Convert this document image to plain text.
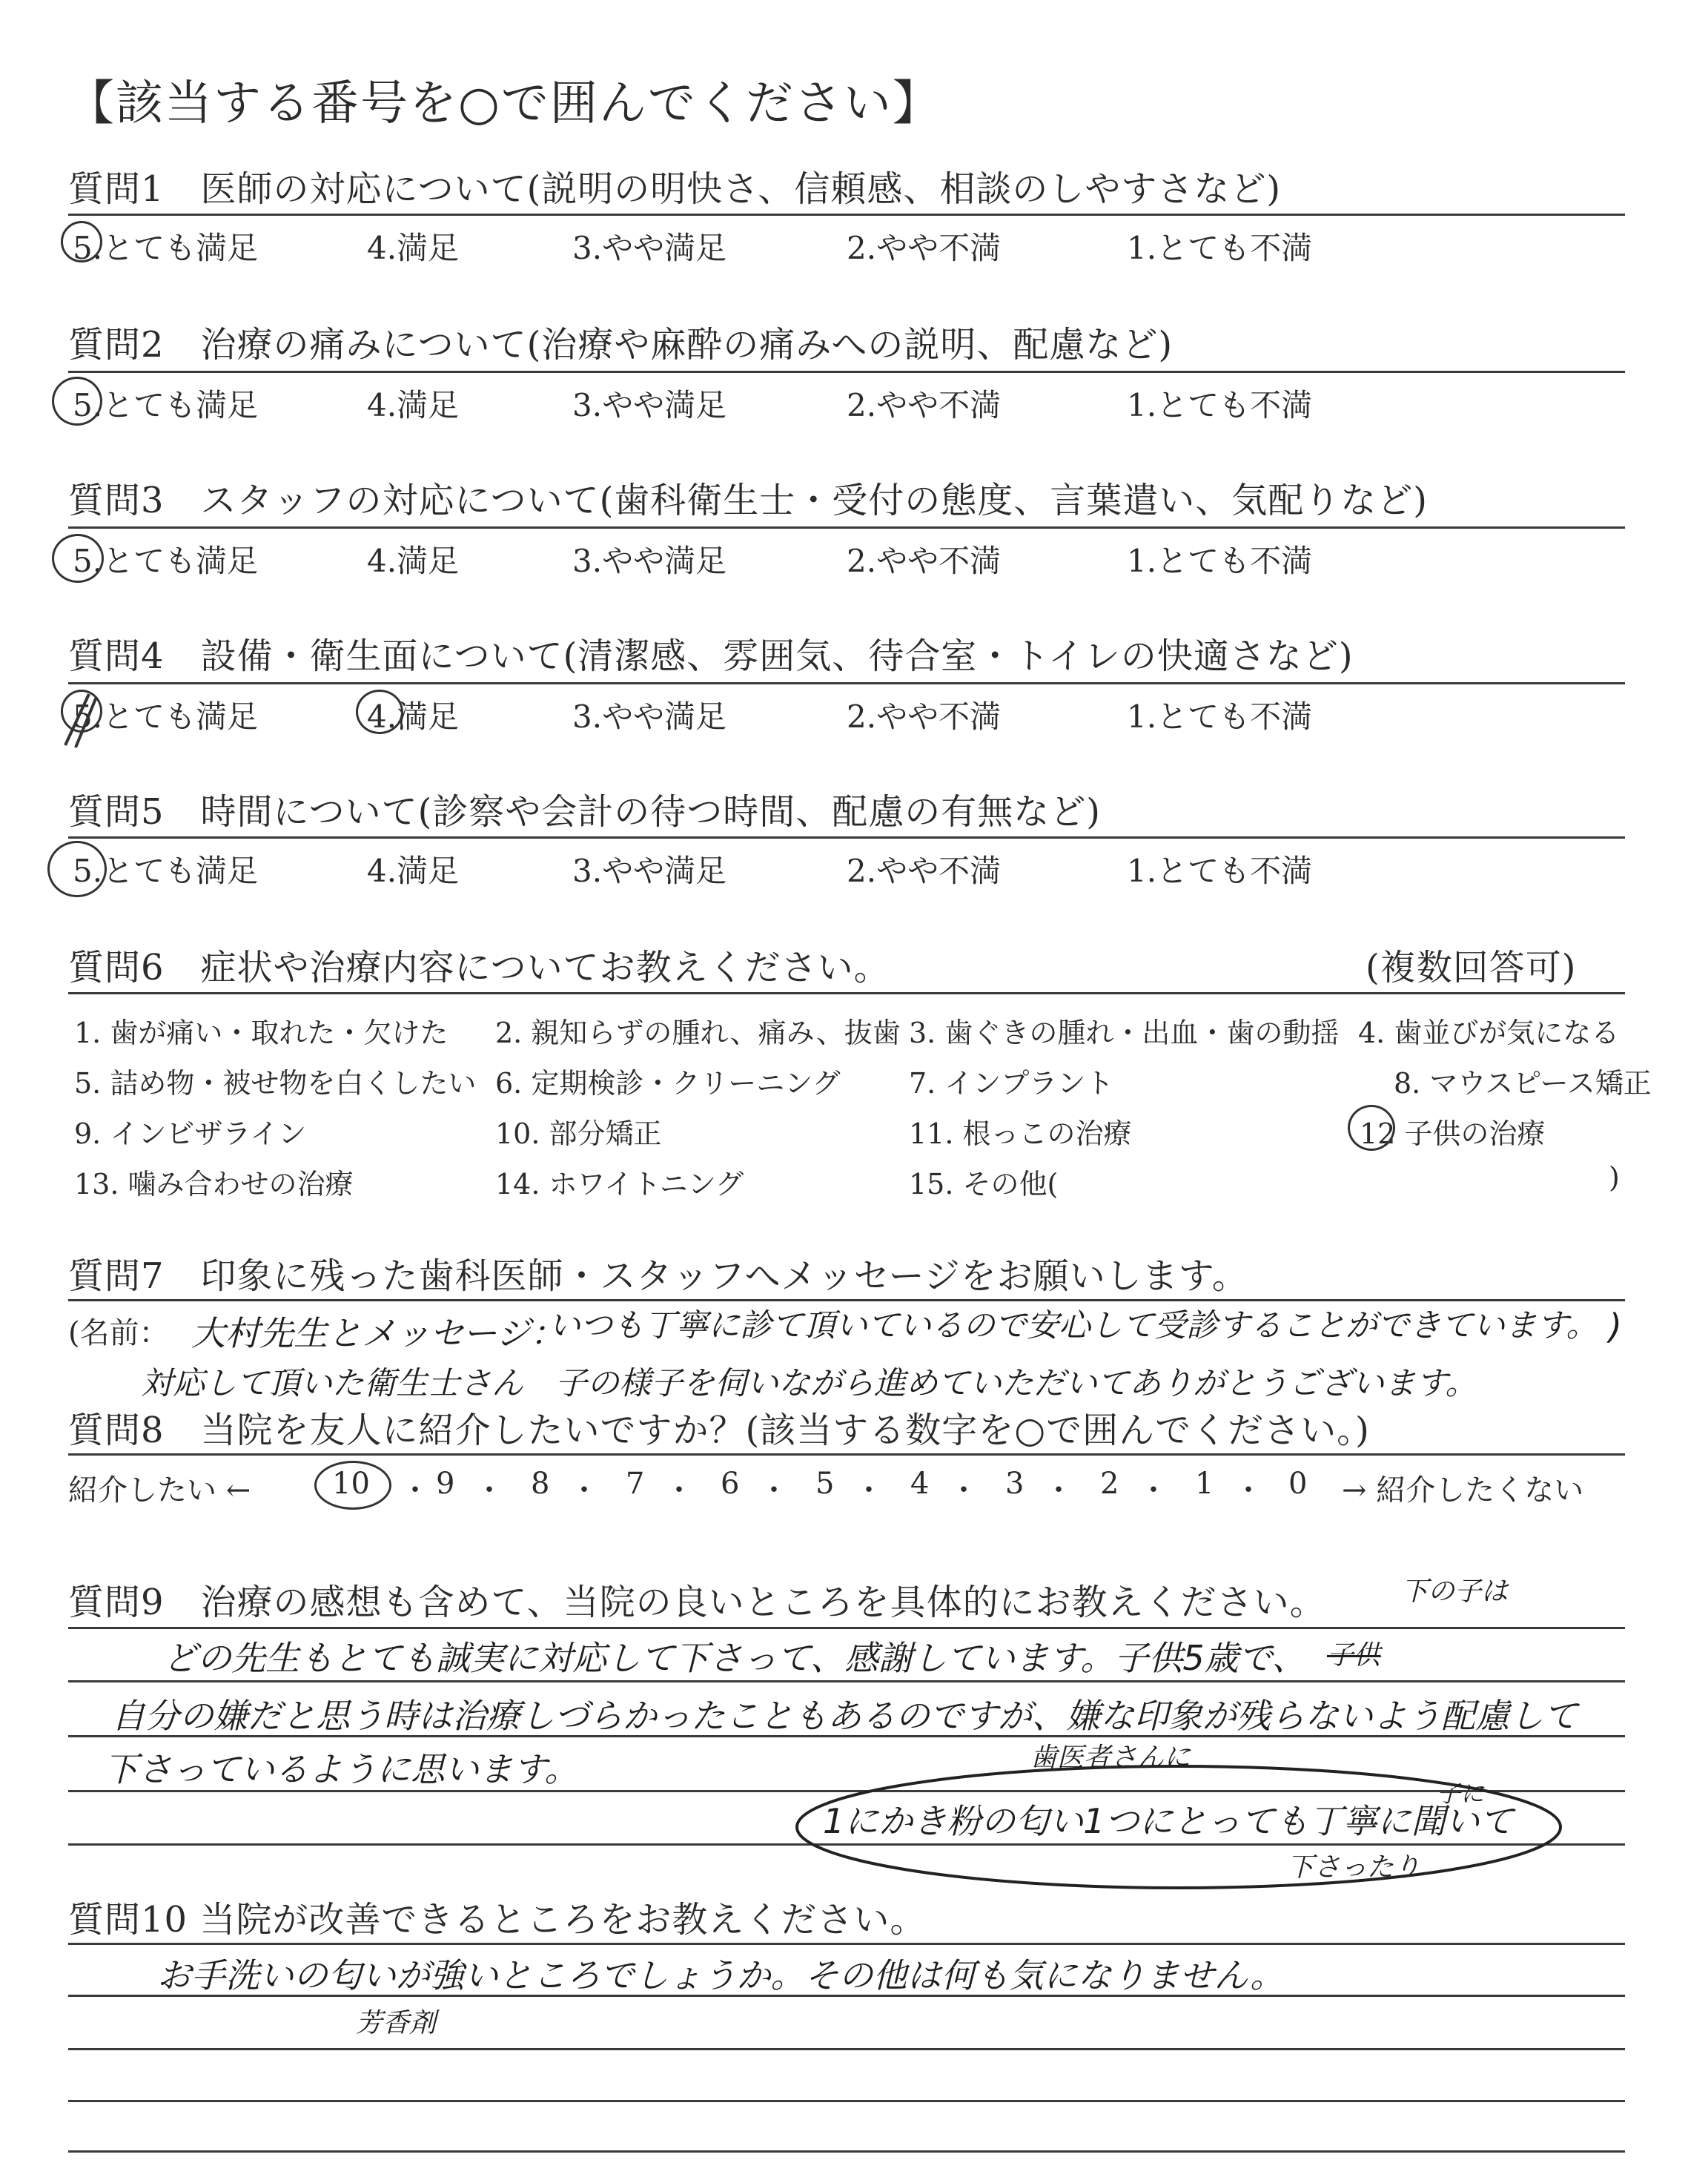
【該当する番号を○で囲んでください】
質問1　医師の対応について(説明の明快さ、信頼感、相談のしやすさなど)
5.とても満足	4.満足	3.やや満足	2.やや不満	1.とても不満
質問2　治療の痛みについて(治療や麻酔の痛みへの説明、配慮など)
5.とても満足	4.満足	3.やや満足	2.やや不満	1.とても不満
質問3　スタッフの対応について(歯科衛生士・受付の態度、言葉遣い、気配りなど)
5.とても満足	4.満足	3.やや満足	2.やや不満	1.とても不満
質問4　設備・衛生面について(清潔感、雰囲気、待合室・トイレの快適さなど)
5.とても満足	4.満足	3.やや満足	2.やや不満	1.とても不満
質問5　時間について(診察や会計の待つ時間、配慮の有無など)
5.とても満足	4.満足	3.やや満足	2.やや不満	1.とても不満
質問6　症状や治療内容についてお教えください。	(複数回答可)
1. 歯が痛い・取れた・欠けた 2. 親知らずの腫れ、痛み、抜歯 3. 歯ぐきの腫れ・出血・歯の動揺 4. 歯並びが気になる
5. 詰め物・被せ物を白くしたい 6. 定期検診・クリーニング 7. インプラント	8. マウスピース矯正
9. インビザライン	10. 部分矯正	11. 根っこの治療	12 子供の治療
13. 噛み合わせの治療	14. ホワイトニング	15. その他(	)
質問7　印象に残った歯科医師・スタッフへメッセージをお願いします。
(名前： 大村先生とメッセージ：
いつも丁寧に診て頂いているので安心して受診することができています。 )
対応して頂いた衛生士さん　子の様子を伺いながら進めていただいてありがとうございます。
質問8　当院を友人に紹介したいですか？(該当する数字を○で囲んでください。)
紹介したい ←	10 ・ 9 ・ 8 ・ 7 ・ 6 ・ 5 ・ 4 ・ 3 ・ 2 ・ 1 ・ 0 → 紹介したくない
質問9　治療の感想も含めて、当院の良いところを具体的にお教えください。	下の子は
どの先生もとても誠実に対応して下さって、感謝しています。子供5歳で、 子供
自分の嫌だと思う時は治療しづらかったこともあるのですが、嫌な印象が残らないよう配慮して
下さっているように思います。	歯医者さんに
子に
1にかき粉の匂い1つにとっても丁寧に聞いて
下さったり
質問10 当院が改善できるところをお教えください。
お手洗いの匂いが強いところでしょうか。その他は何も気になりません。
芳香剤
